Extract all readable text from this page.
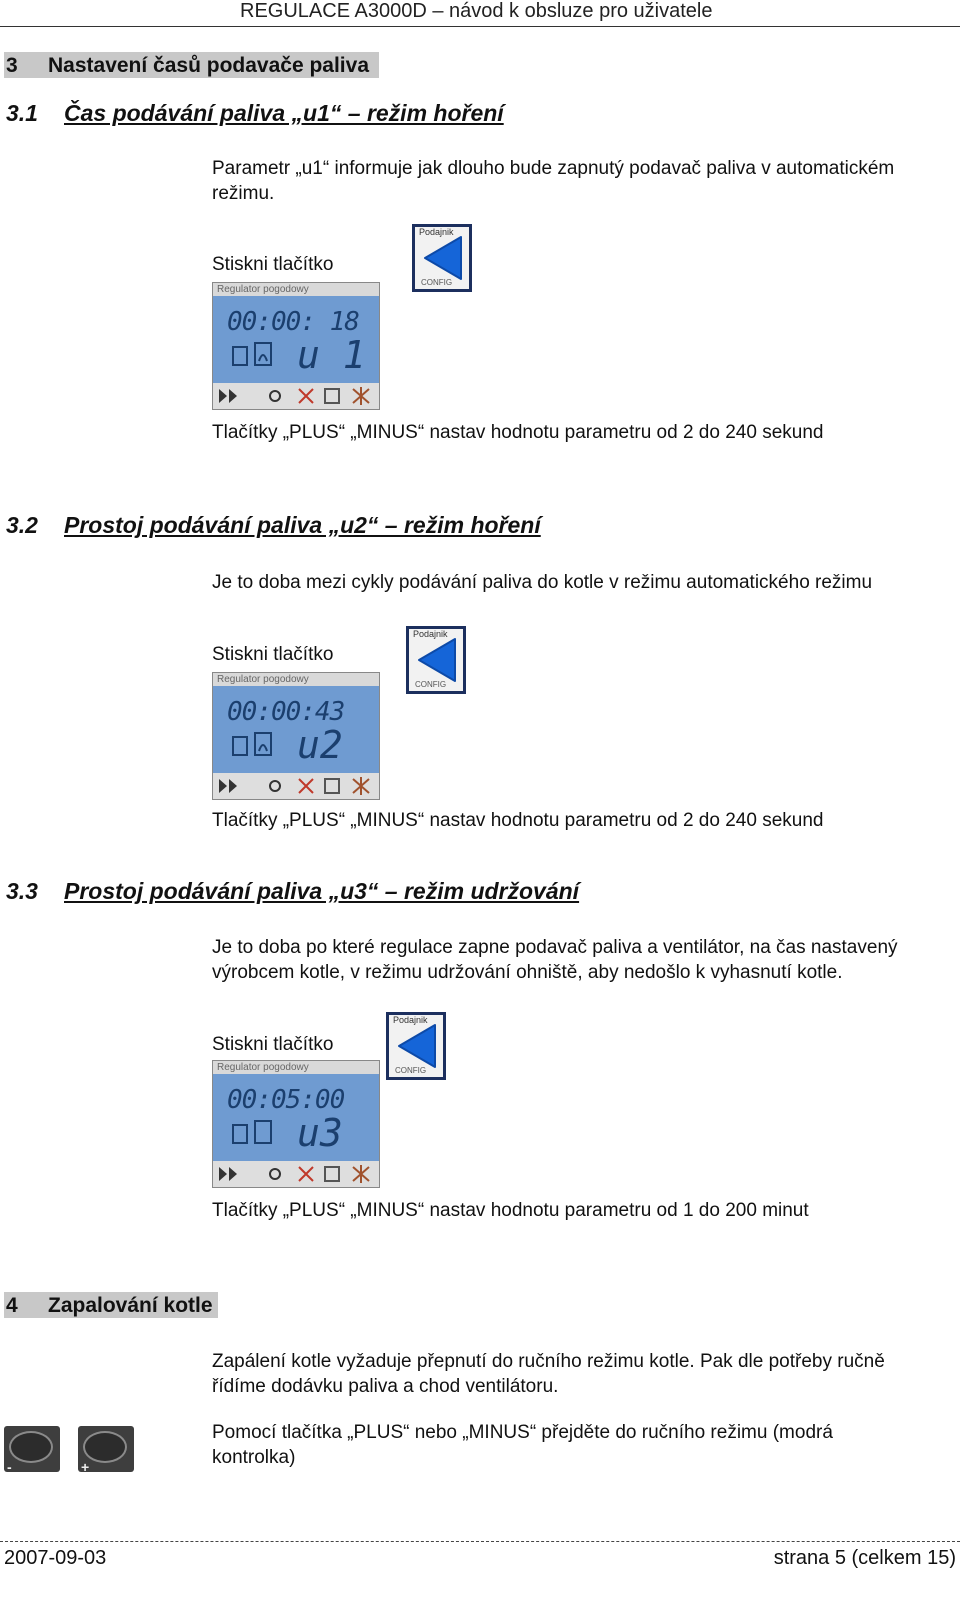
REGULACE A3000D – návod k obsluze pro uživatele
3 Nastavení časů podavače paliva
3.1 Čas podávání paliva „u1“ – režim hoření
Parametr „u1“ informuje jak dlouho bude zapnutý podavač paliva v automatickém režimu.
Stiskni tlačítko
Podajnik
CONFIG
Regulator pogodowy
00:00: 18
u 1
Tlačítky „PLUS“ „MINUS“ nastav hodnotu parametru od 2 do 240 sekund
3.2 Prostoj podávání paliva „u2“ – režim hoření
Je to doba mezi cykly podávání paliva do kotle v režimu automatického režimu
Stiskni tlačítko
Podajnik
CONFIG
Regulator pogodowy
00:00:43
u2
Tlačítky „PLUS“ „MINUS“ nastav hodnotu parametru od 2 do 240 sekund
3.3 Prostoj podávání paliva „u3“ – režim udržování
Je to doba po které regulace zapne podavač paliva a ventilátor, na čas nastavený výrobcem kotle, v režimu udržování ohniště, aby nedošlo k vyhasnutí kotle.
Stiskni tlačítko
Podajnik
CONFIG
Regulator pogodowy
00:05:00
u3
Tlačítky „PLUS“ „MINUS“ nastav hodnotu parametru od 1 do 200 minut
4 Zapalování kotle
Zapálení kotle vyžaduje přepnutí do ručního režimu kotle. Pak dle potřeby ručně řídíme dodávku paliva a chod ventilátoru.
Pomocí tlačítka „PLUS“ nebo „MINUS“ přejděte do ručního režimu (modrá kontrolka)
-	+
2007-09-03	strana 5 (celkem 15)
